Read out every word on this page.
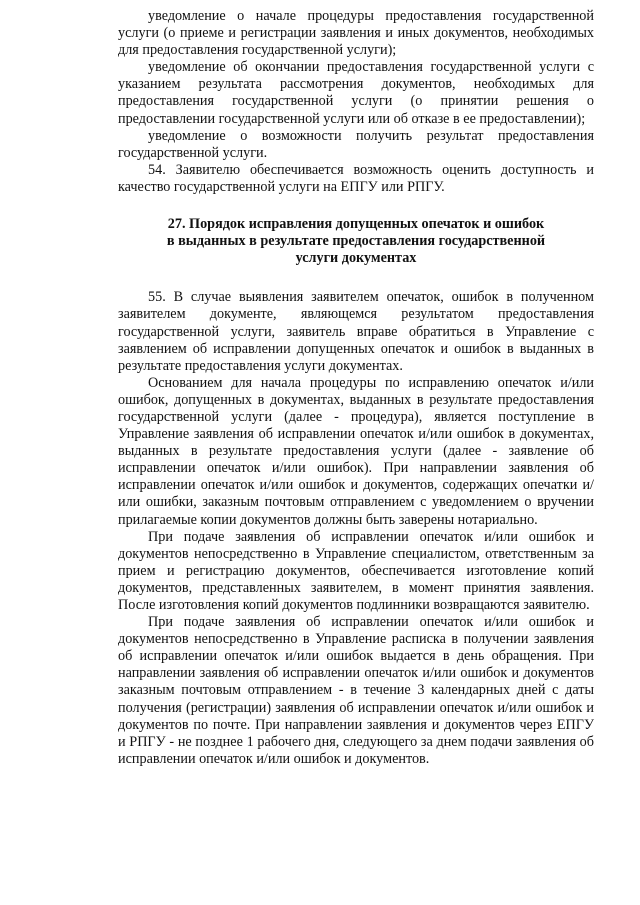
уведомление о начале процедуры предоставления государственной услуги (о приеме и регистрации заявления и иных документов, необходимых для предоставления государственной услуги);

уведомление об окончании предоставления государственной услуги с указанием результата рассмотрения документов, необходимых для предоставления государственной услуги (о принятии решения о предоставлении государственной услуги или об отказе в ее предоставлении);

уведомление о возможности получить результат предоставления государственной услуги.

54. Заявителю обеспечивается возможность оценить доступность и качество государственной услуги на ЕПГУ или РПГУ.

27. Порядок исправления допущенных опечаток и ошибок
в выданных в результате предоставления государственной
услуги документах

55. В случае выявления заявителем опечаток, ошибок в полученном заявителем документе, являющемся результатом предоставления государственной услуги, заявитель вправе обратиться в Управление с заявлением об исправлении допущенных опечаток и ошибок в выданных в результате предоставления услуги документах.

Основанием для начала процедуры по исправлению опечаток и/или ошибок, допущенных в документах, выданных в результате предоставления государственной услуги (далее - процедура), является поступление в Управление заявления об исправлении опечаток и/или ошибок в документах, выданных в результате предоставления услуги (далее - заявление об исправлении опечаток и/или ошибок). При направлении заявления об исправлении опечаток и/или ошибок и документов, содержащих опечатки и/или ошибки, заказным почтовым отправлением с уведомлением о вручении прилагаемые копии документов должны быть заверены нотариально.

При подаче заявления об исправлении опечаток и/или ошибок и документов непосредственно в Управление специалистом, ответственным за прием и регистрацию документов, обеспечивается изготовление копий документов, представленных заявителем, в момент принятия заявления. После изготовления копий документов подлинники возвращаются заявителю.

При подаче заявления об исправлении опечаток и/или ошибок и документов непосредственно в Управление расписка в получении заявления об исправлении опечаток и/или ошибок выдается в день обращения. При направлении заявления об исправлении опечаток и/или ошибок и документов заказным почтовым отправлением - в течение 3 календарных дней с даты получения (регистрации) заявления об исправлении опечаток и/или ошибок и документов по почте. При направлении заявления и документов через ЕПГУ и РПГУ - не позднее 1 рабочего дня, следующего за днем подачи заявления об исправлении опечаток и/или ошибок и документов.
